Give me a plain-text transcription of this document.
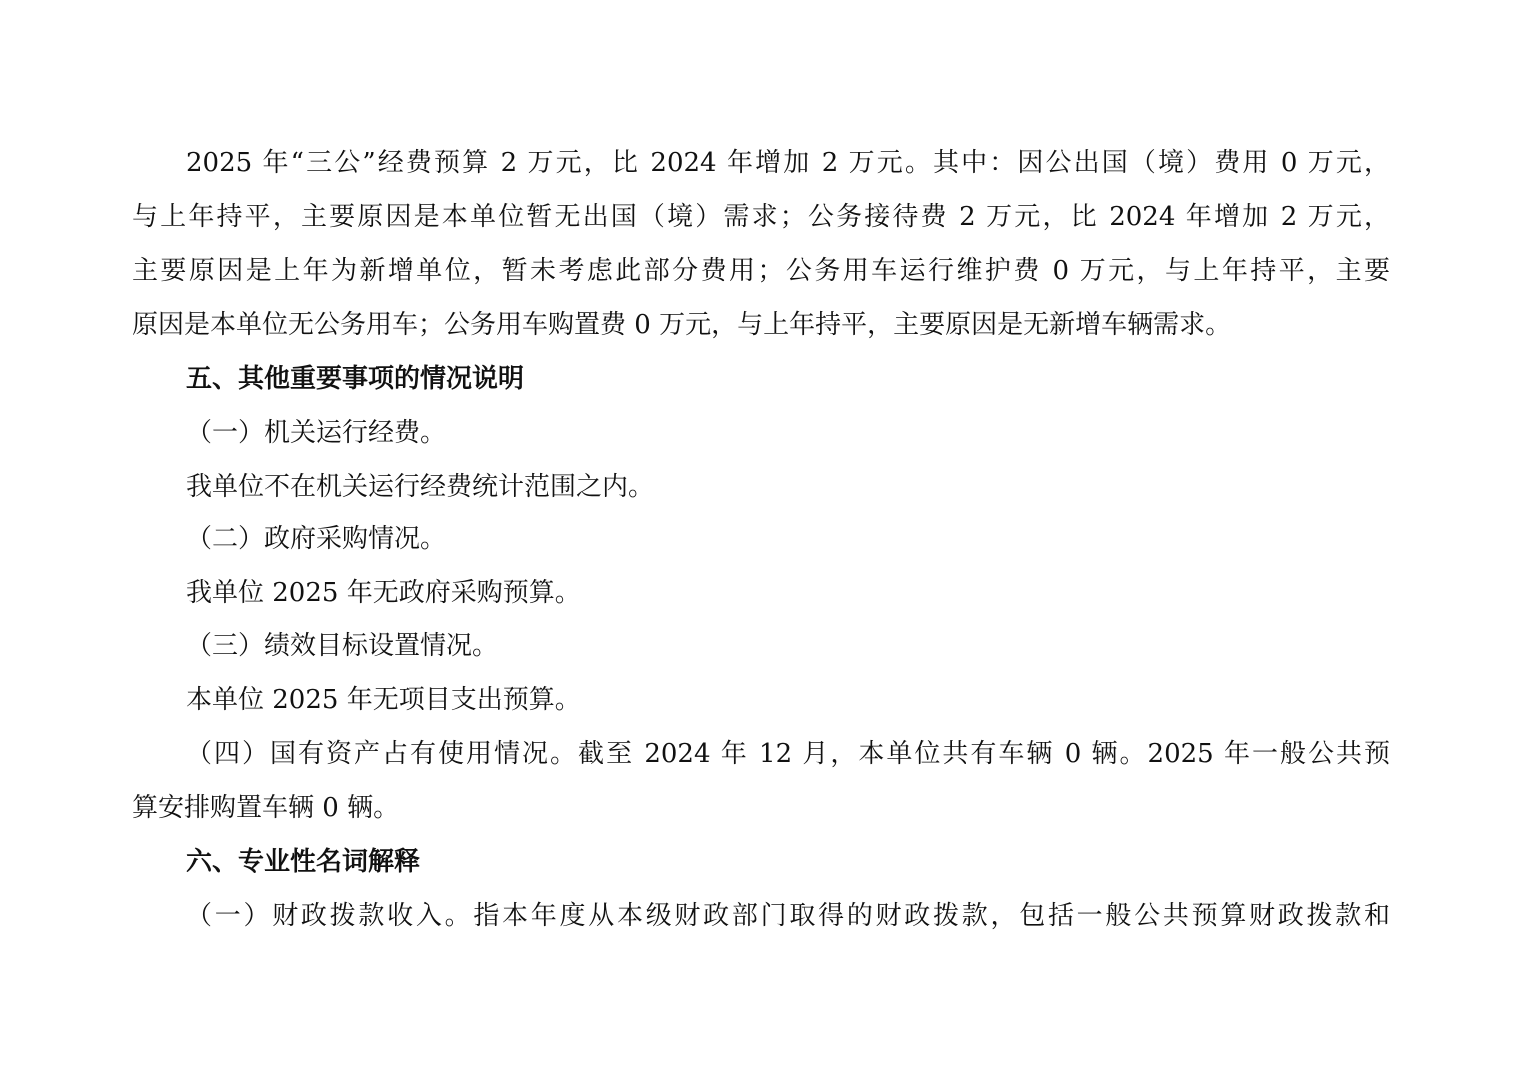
2025 年“三公”经费预算 2 万元，比 2024 年增加 2 万元。其中：因公出国（境）费用 0 万元，
与上年持平，主要原因是本单位暂无出国（境）需求；公务接待费 2 万元，比 2024 年增加 2 万元，
主要原因是上年为新增单位，暂未考虑此部分费用；公务用车运行维护费 0 万元，与上年持平，主要
原因是本单位无公务用车；公务用车购置费 0 万元，与上年持平，主要原因是无新增车辆需求。
五、其他重要事项的情况说明
（一）机关运行经费。
我单位不在机关运行经费统计范围之内。
（二）政府采购情况。
我单位 2025 年无政府采购预算。
（三）绩效目标设置情况。
本单位 2025 年无项目支出预算。
（四）国有资产占有使用情况。截至 2024 年 12 月，本单位共有车辆 0 辆。2025 年一般公共预
算安排购置车辆 0 辆。
六、专业性名词解释
（一）财政拨款收入。指本年度从本级财政部门取得的财政拨款，包括一般公共预算财政拨款和
